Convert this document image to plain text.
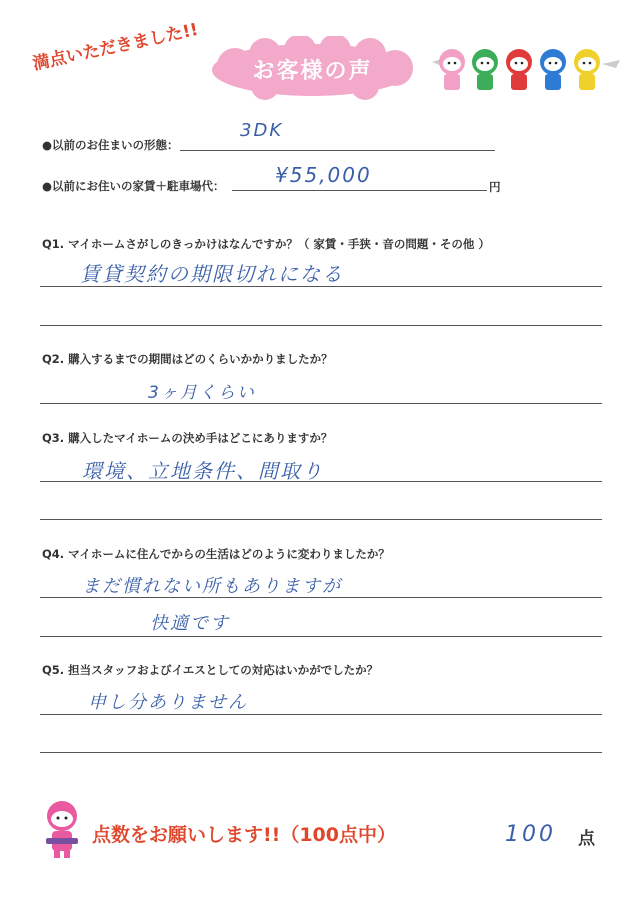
満点いただきました!!	お客様の声
●以前のお住まいの形態：
3DK
●以前にお住いの家賃＋駐車場代：	¥55,000	円
Q1. マイホームさがしのきっかけはなんですか？（ 家賃・手狭・音の問題・その他 ）
賃貸契約の期限切れになる
Q2. 購入するまでの期間はどのくらいかかりましたか？
3ヶ月くらい
Q3. 購入したマイホームの決め手はどこにありますか？
環境、立地条件、間取り
Q4. マイホームに住んでからの生活はどのように変わりましたか？
まだ慣れない所もありますが
快適です
Q5. 担当スタッフおよびイエスとしての対応はいかがでしたか？
申し分ありません
点数をお願いします!!（100点中）	100 点
